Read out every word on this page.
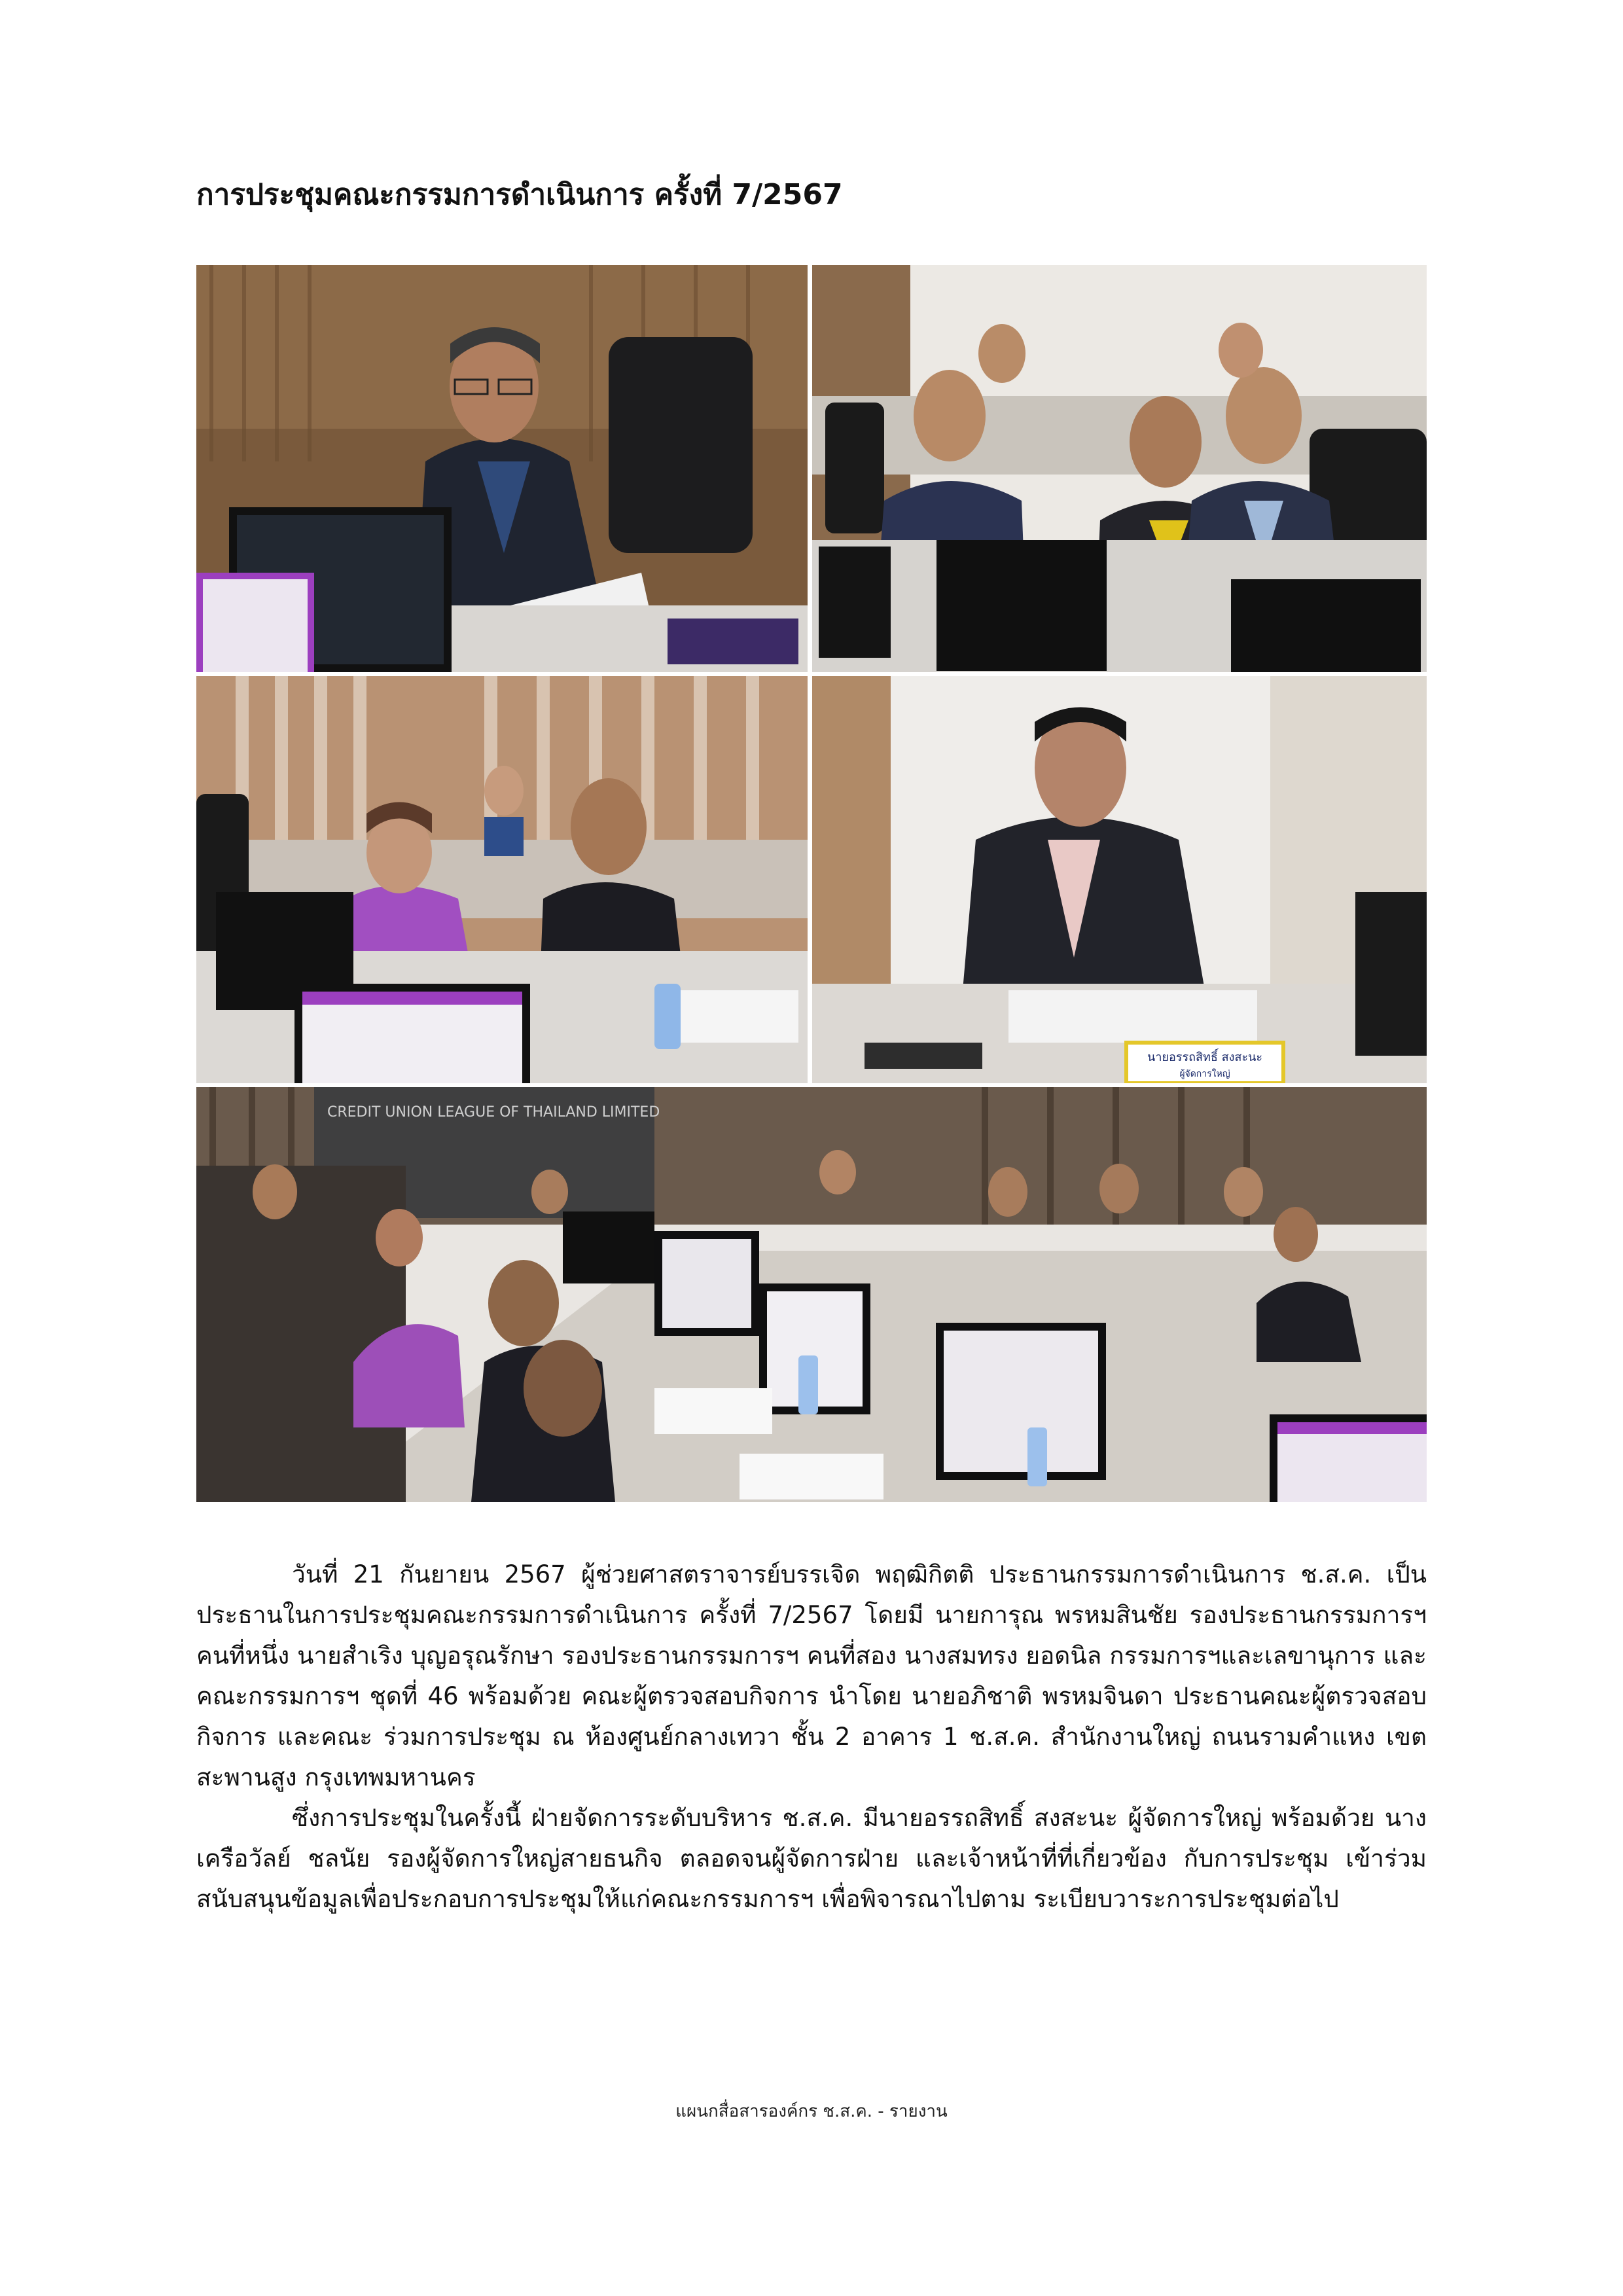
การประชุมคณะกรรมการดำเนินการ ครั้งที่ 7/2567
นายอรรถสิทธิ์ สงสะนะ
ผู้จัดการใหญ่
CREDIT UNION LEAGUE OF THAILAND LIMITED

วันที่ 21 กันยายน 2567 ผู้ช่วยศาสตราจารย์บรรเจิด พฤฒิกิตติ ประธานกรรมการดำเนินการ ช.ส.ค. เป็นประธานในการประชุมคณะกรรมการดำเนินการ ครั้งที่ 7/2567 โดยมี นายการุณ พรหมสินชัย รองประธานกรรมการฯ คนที่หนึ่ง นายสำเริง บุญอรุณรักษา รองประธานกรรมการฯ คนที่สอง นางสมทรง ยอดนิล กรรมการฯและเลขานุการ และคณะกรรมการฯ ชุดที่ 46 พร้อมด้วย คณะผู้ตรวจสอบกิจการ นำโดย นายอภิชาติ พรหมจินดา ประธานคณะผู้ตรวจสอบกิจการ และคณะ ร่วมการประชุม ณ ห้องศูนย์กลางเทวา ชั้น 2 อาคาร 1 ช.ส.ค. สำนักงานใหญ่ ถนนรามคำแหง เขตสะพานสูง กรุงเทพมหานคร

ซึ่งการประชุมในครั้งนี้ ฝ่ายจัดการระดับบริหาร ช.ส.ค. มีนายอรรถสิทธิ์ สงสะนะ ผู้จัดการใหญ่ พร้อมด้วย นางเครือวัลย์ ชลนัย รองผู้จัดการใหญ่สายธนกิจ ตลอดจนผู้จัดการฝ่าย และเจ้าหน้าที่ที่เกี่ยวข้อง กับการประชุม เข้าร่วมสนับสนุนข้อมูลเพื่อประกอบการประชุมให้แก่คณะกรรมการฯ เพื่อพิจารณาไปตาม ระเบียบวาระการประชุมต่อไป

แผนกสื่อสารองค์กร ช.ส.ค. - รายงาน
